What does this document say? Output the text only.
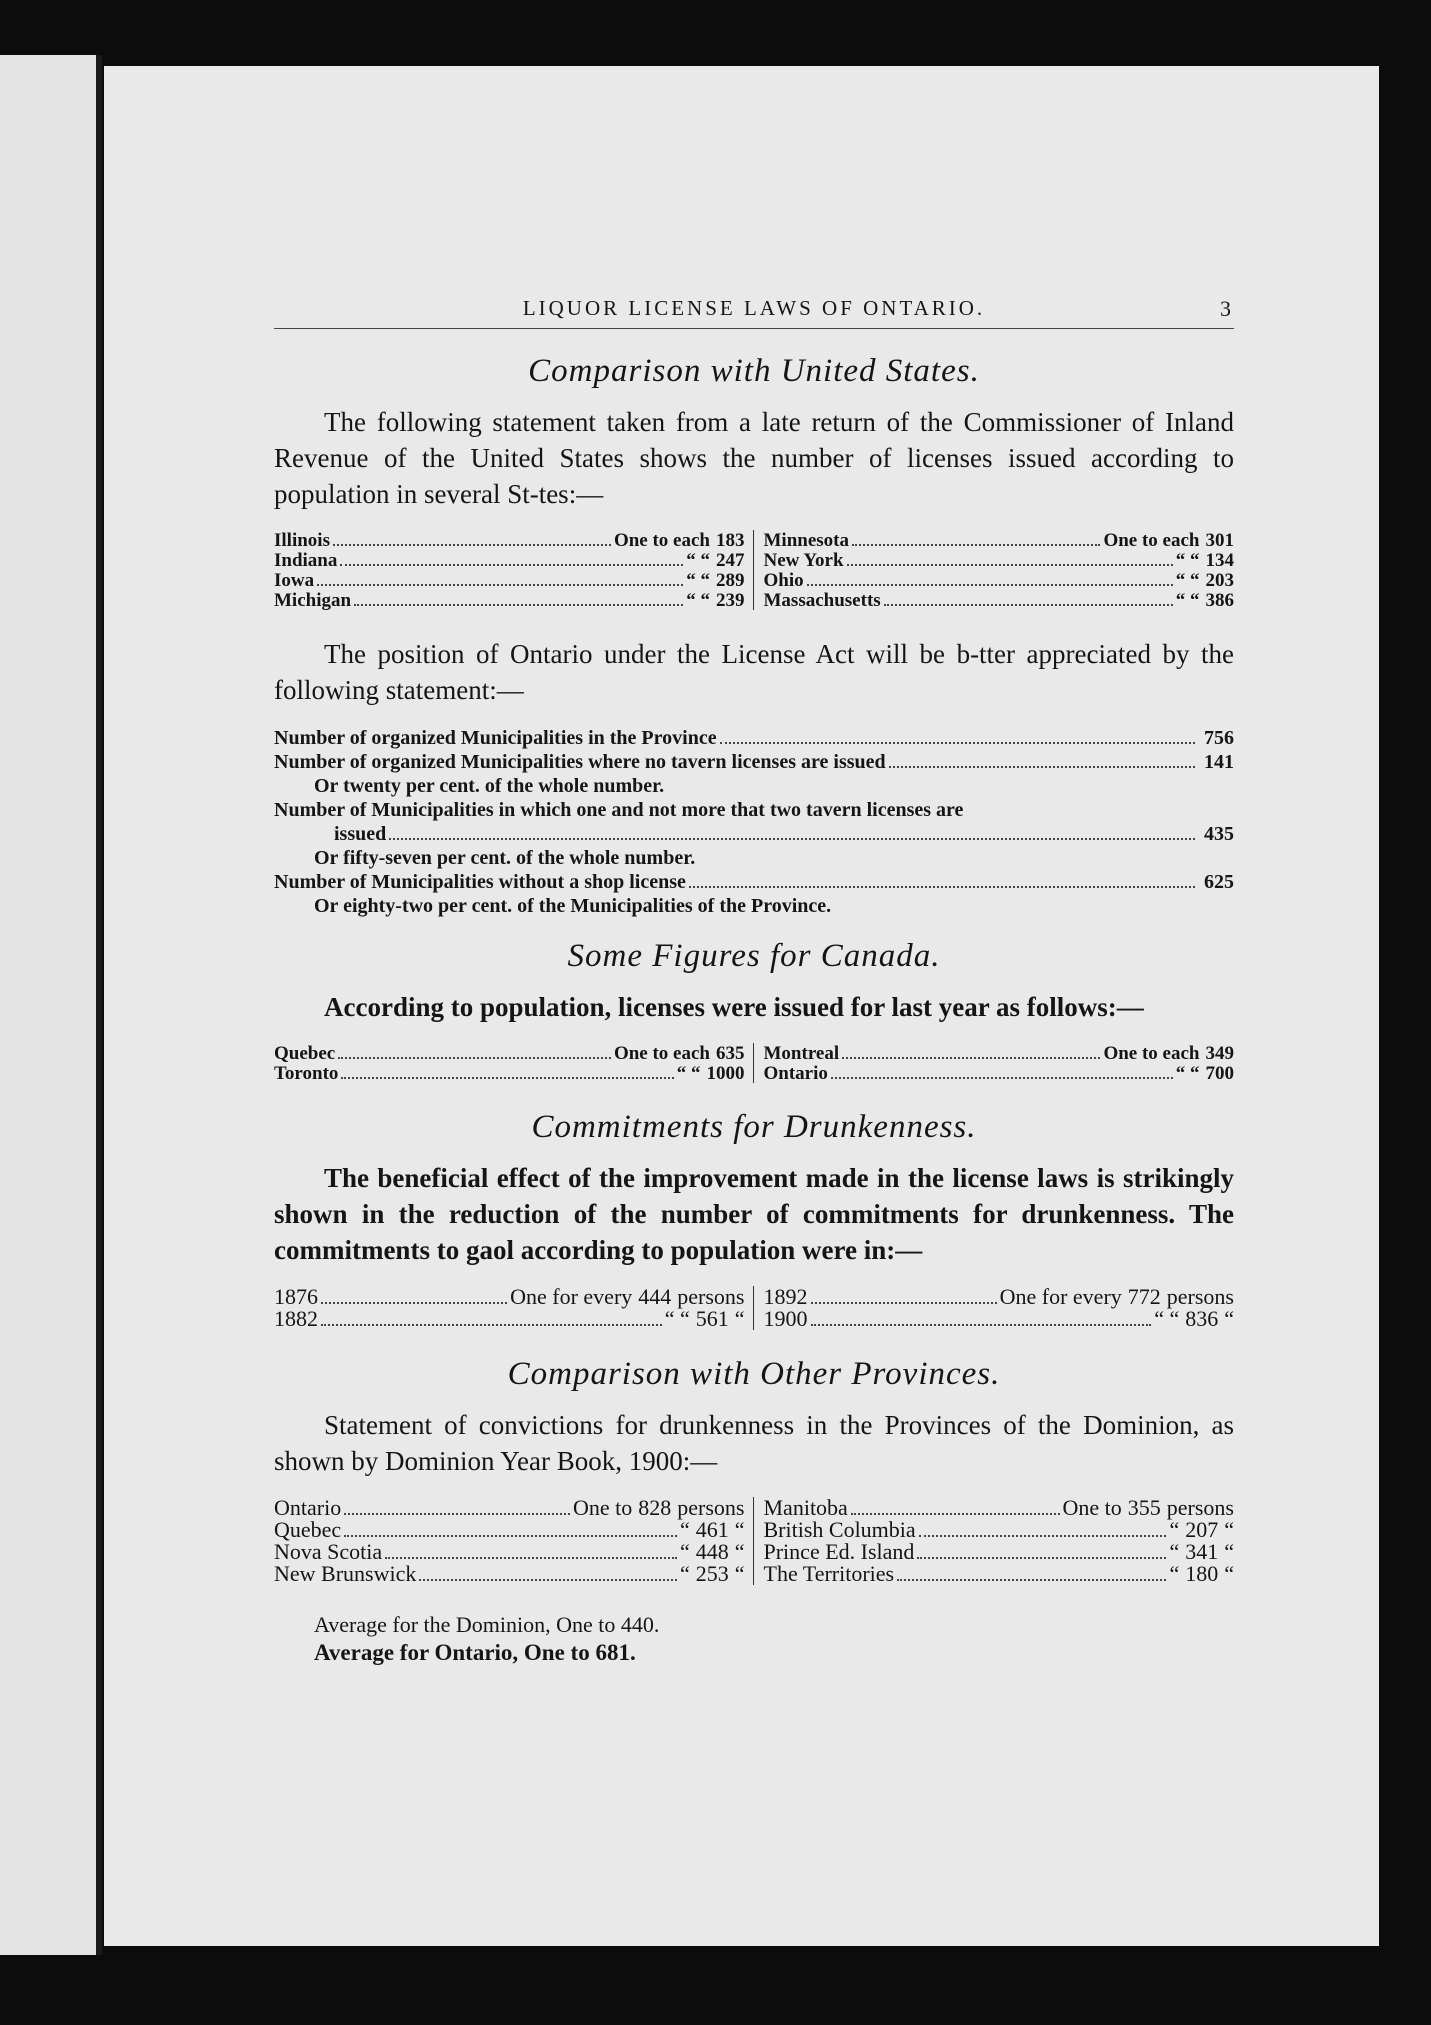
LIQUOR LICENSE LAWS OF ONTARIO.	3
Comparison with United States.

The following statement taken from a late return of the Commissioner of Inland Revenue of the United States shows the number of licenses issued according to population in several St‑tes:—

Illinois	One to each 183
Indiana	“ “ 247
Iowa	“ “ 289
Michigan	“ “ 239
Minnesota	One to each 301
New York	“ “ 134
Ohio	“ “ 203
Massachusetts	“ “ 386

The position of Ontario under the License Act will be b‑tter appreciated by the following statement:—

Number of organized Municipalities in the Province	756
Number of organized Municipalities where no tavern licenses are issued	141
Or twenty per cent. of the whole number.
Number of Municipalities in which one and not more that two tavern licenses are
issued	435
Or fifty-seven per cent. of the whole number.
Number of Municipalities without a shop license	625
Or eighty-two per cent. of the Municipalities of the Province.
Some Figures for Canada.

According to population, licenses were issued for last year as follows:—

Quebec	One to each 635
Toronto	“ “ 1000
Montreal	One to each 349
Ontario	“ “ 700
Commitments for Drunkenness.

The beneficial effect of the improvement made in the license laws is strikingly shown in the reduction of the number of commitments for drunkenness. The commitments to gaol according to population were in:—

1876	One for every 444 persons
1882	“ “ 561 “
1892	One for every 772 persons
1900	“ “ 836 “
Comparison with Other Provinces.

Statement of convictions for drunkenness in the Provinces of the Dominion, as shown by Dominion Year Book, 1900:—

Ontario	One to 828 persons
Quebec	“ 461 “
Nova Scotia	“ 448 “
New Brunswick	“ 253 “
Manitoba	One to 355 persons
British Columbia	“ 207 “
Prince Ed. Island	“ 341 “
The Territories	“ 180 “
Average for the Dominion, One to 440.
Average for Ontario, One to 681.
